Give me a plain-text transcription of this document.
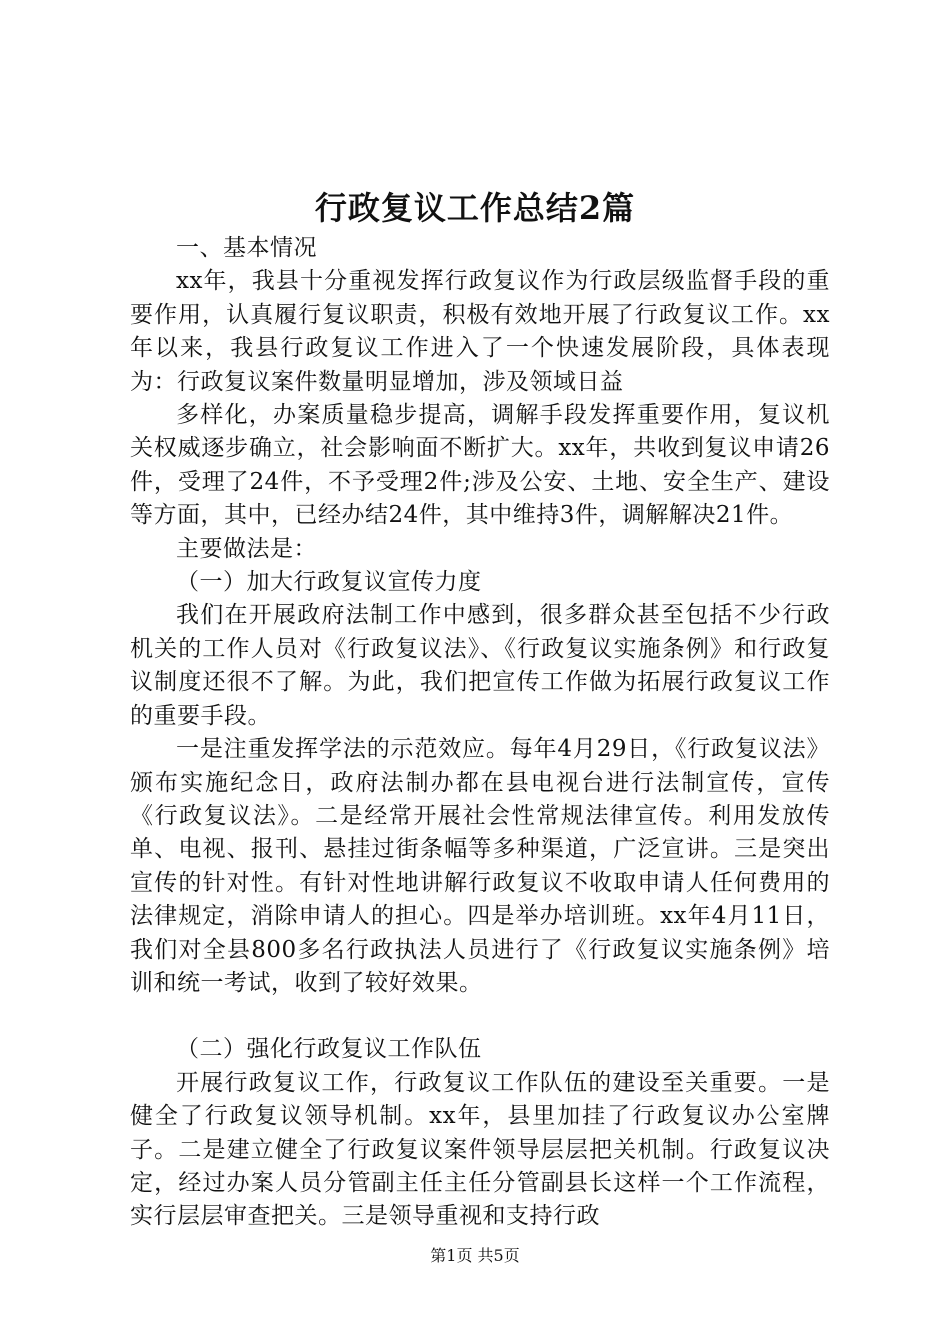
行政复议工作总结2篇

一、基本情况

xx年，我县十分重视发挥行政复议作为行政层级监督手段的重要作用，认真履行复议职责，积极有效地开展了行政复议工作。xx年以来，我县行政复议工作进入了一个快速发展阶段，具体表现为：行政复议案件数量明显增加，涉及领域日益

多样化，办案质量稳步提高，调解手段发挥重要作用，复议机关权威逐步确立，社会影响面不断扩大。xx年，共收到复议申请26件，受理了24件，不予受理2件;涉及公安、土地、安全生产、建设等方面，其中，已经办结24件，其中维持3件，调解解决21件。

主要做法是：

（一）加大行政复议宣传力度

我们在开展政府法制工作中感到，很多群众甚至包括不少行政机关的工作人员对《行政复议法》、《行政复议实施条例》和行政复议制度还很不了解。为此，我们把宣传工作做为拓展行政复议工作的重要手段。

一是注重发挥学法的示范效应。每年4月29日，《行政复议法》颁布实施纪念日，政府法制办都在县电视台进行法制宣传，宣传《行政复议法》。二是经常开展社会性常规法律宣传。利用发放传单、电视、报刊、悬挂过街条幅等多种渠道，广泛宣讲。三是突出宣传的针对性。有针对性地讲解行政复议不收取申请人任何费用的法律规定，消除申请人的担心。四是举办培训班。xx年4月11日，我们对全县800多名行政执法人员进行了《行政复议实施条例》培训和统一考试，收到了较好效果。

（二）强化行政复议工作队伍

开展行政复议工作，行政复议工作队伍的建设至关重要。一是健全了行政复议领导机制。xx年，县里加挂了行政复议办公室牌子。二是建立健全了行政复议案件领导层层把关机制。行政复议决定，经过办案人员分管副主任主任分管副县长这样一个工作流程，实行层层审查把关。三是领导重视和支持行政

第1页 共5页
